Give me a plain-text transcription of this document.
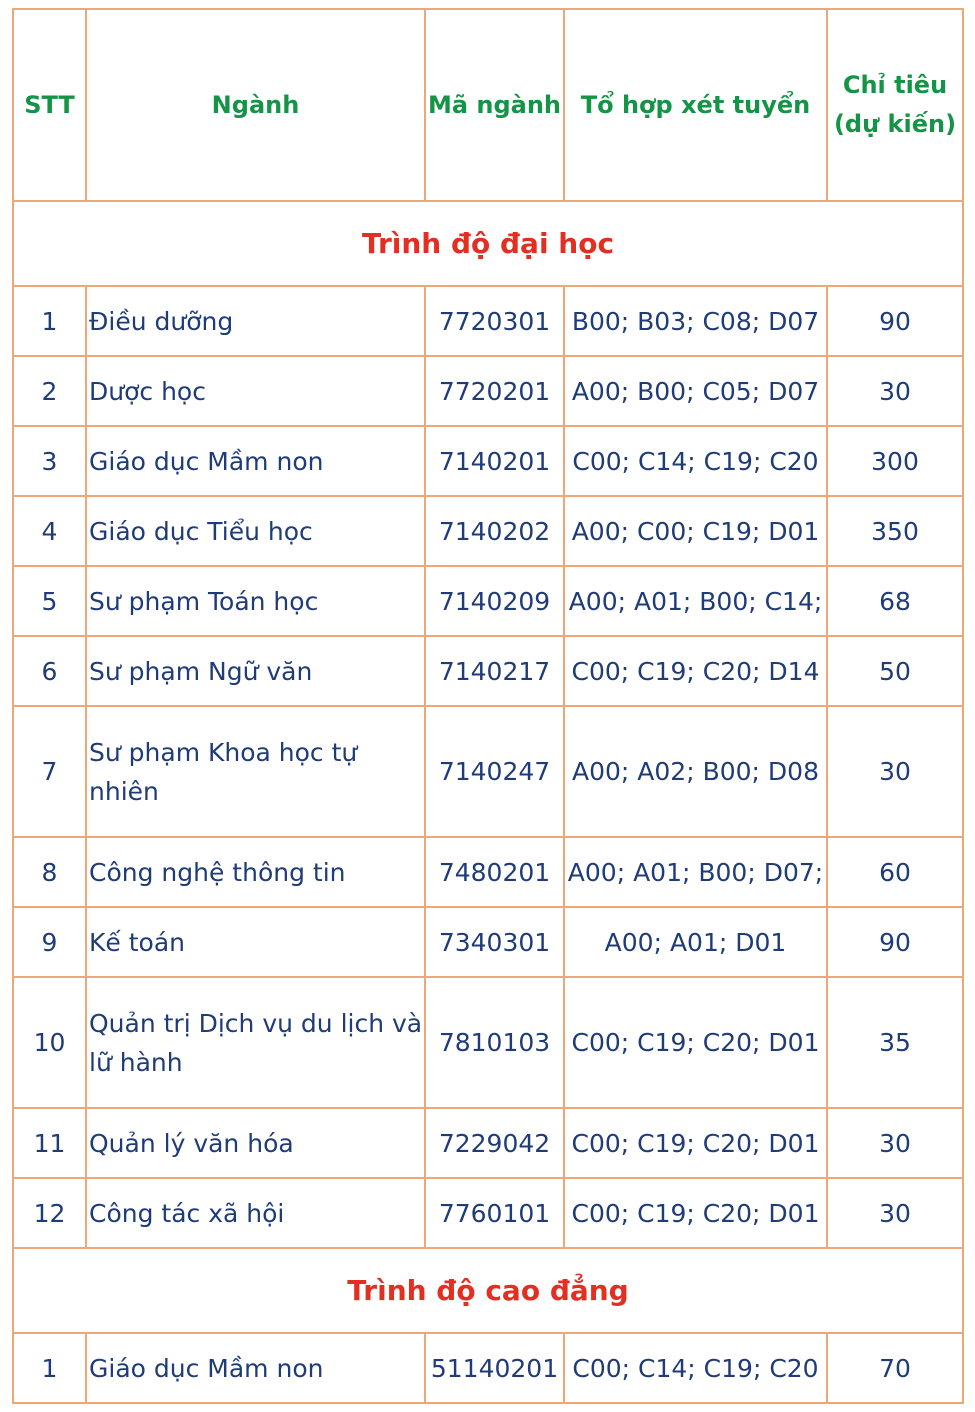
STT	Ngành	Mã ngành	Tổ hợp xét tuyển	Chỉ tiêu (dự kiến)
Trình độ đại học				
1	Điều dưỡng	7720301	B00; B03; C08; D07	90
2	Dược học	7720201	A00; B00; C05; D07	30
3	Giáo dục Mầm non	7140201	C00; C14; C19; C20	300
4	Giáo dục Tiểu học	7140202	A00; C00; C19; D01	350
5	Sư phạm Toán học	7140209	A00; A01; B00; C14;	68
6	Sư phạm Ngữ văn	7140217	C00; C19; C20; D14	50
7	Sư phạm Khoa học tự nhiên	7140247	A00; A02; B00; D08	30
8	Công nghệ thông tin	7480201	A00; A01; B00; D07;	60
9	Kế toán	7340301	A00; A01; D01	90
10	Quản trị Dịch vụ du lịch và lữ hành	7810103	C00; C19; C20; D01	35
11	Quản lý văn hóa	7229042	C00; C19; C20; D01	30
12	Công tác xã hội	7760101	C00; C19; C20; D01	30
Trình độ cao đẳng				
1	Giáo dục Mầm non	51140201	C00; C14; C19; C20	70
